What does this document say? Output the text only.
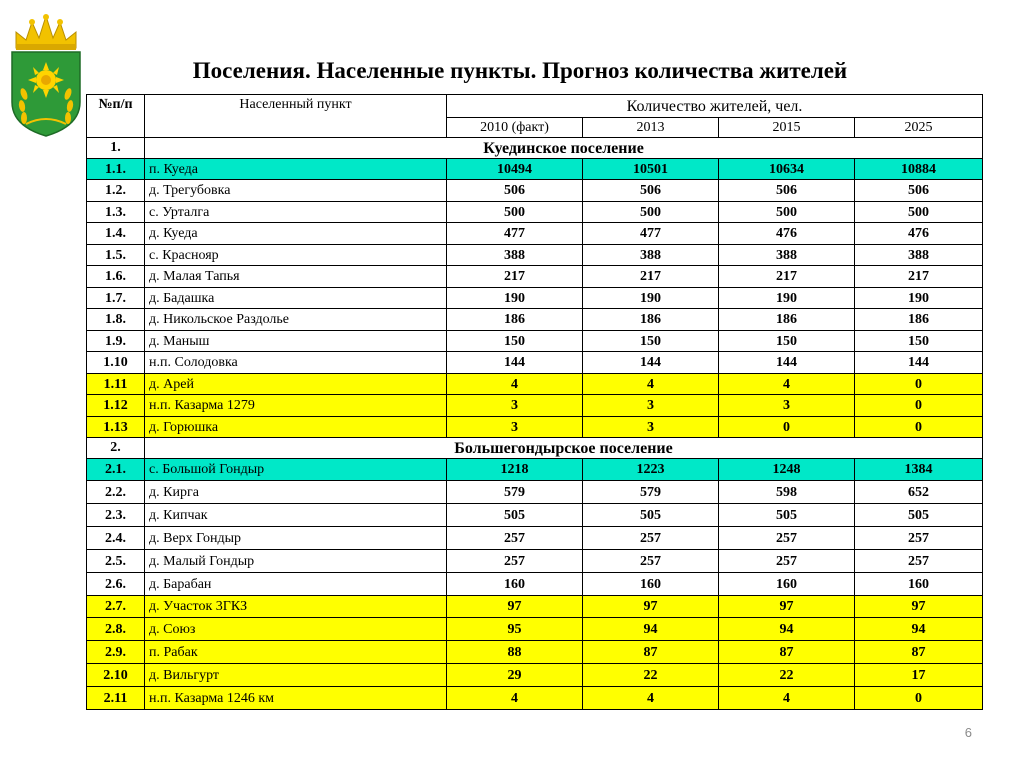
Поселения. Населенные пункты. Прогноз количества жителей
№п/п	Населенный пункт	Количество жителей, чел.			
		2010 (факт)	2013	2015	2025
1.	Куединское поселение				
1.1.	п. Куеда	10494	10501	10634	10884
1.2.	д. Трегубовка	506	506	506	506
1.3.	с. Урталга	500	500	500	500
1.4.	д. Куеда	477	477	476	476
1.5.	с. Краснояр	388	388	388	388
1.6.	д. Малая Тапья	217	217	217	217
1.7.	д. Бадашка	190	190	190	190
1.8.	д. Никольское Раздолье	186	186	186	186
1.9.	д. Маныш	150	150	150	150
1.10	н.п. Солодовка	144	144	144	144
1.11	д. Арей	4	4	4	0
1.12	н.п. Казарма 1279	3	3	3	0
1.13	д. Горюшка	3	3	0	0
2.	Большегондырское поселение				
2.1.	с. Большой Гондыр	1218	1223	1248	1384
2.2.	д. Кирга	579	579	598	652
2.3.	д. Кипчак	505	505	505	505
2.4.	д. Верх Гондыр	257	257	257	257
2.5.	д. Малый Гондыр	257	257	257	257
2.6.	д. Барабан	160	160	160	160
2.7.	д. Участок 3ГКЗ	97	97	97	97
2.8.	д. Союз	95	94	94	94
2.9.	п. Рабак	88	87	87	87
2.10	д. Вильгурт	29	22	22	17
2.11	н.п. Казарма 1246 км	4	4	4	0
6
